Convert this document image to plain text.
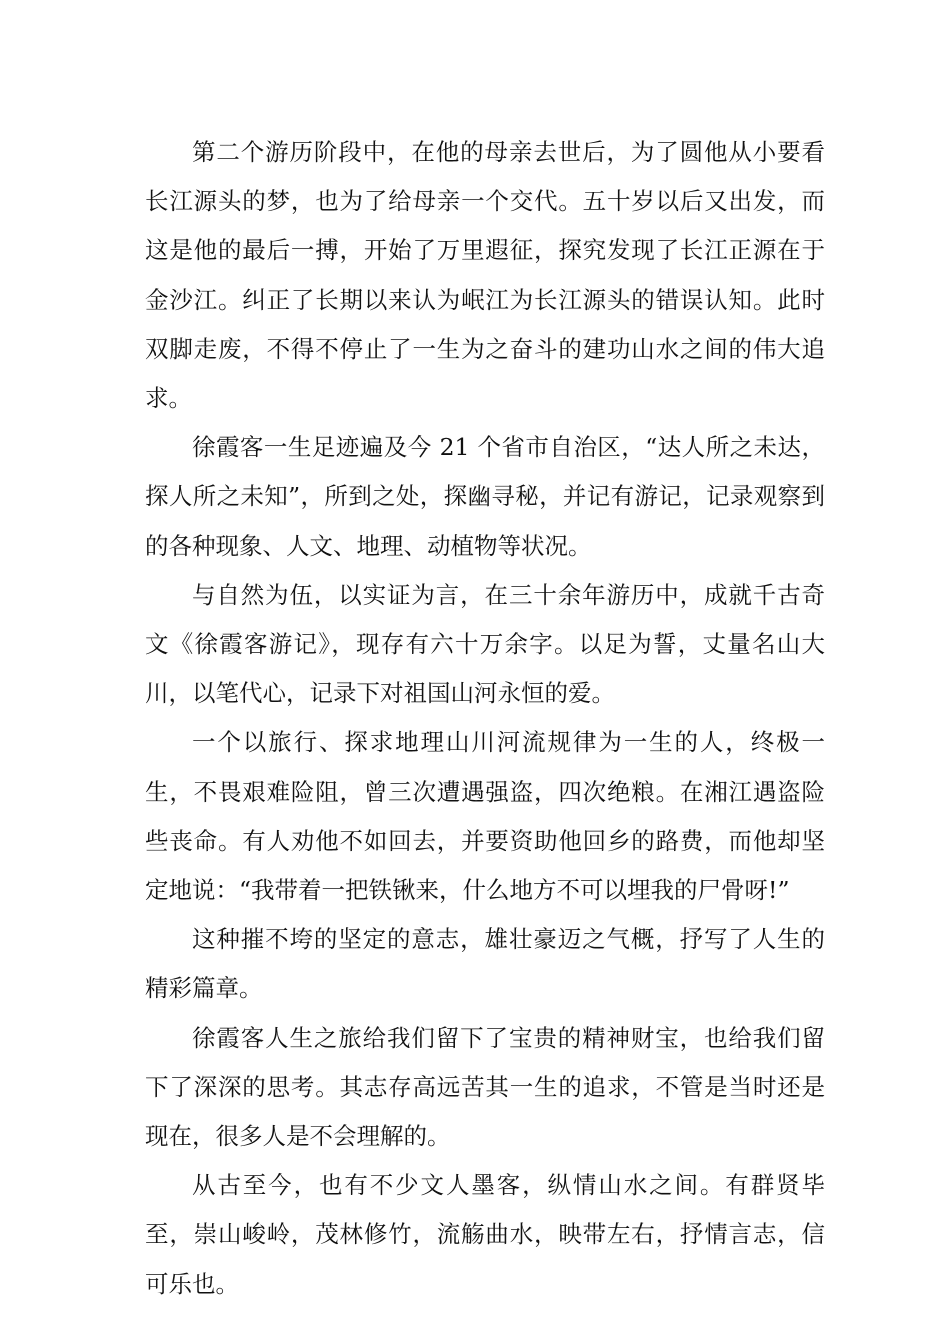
第二个游历阶段中，在他的母亲去世后，为了圆他从小要看长江源头的梦，也为了给母亲一个交代。五十岁以后又出发，而这是他的最后一搏，开始了万里遐征，探究发现了长江正源在于金沙江。纠正了长期以来认为岷江为长江源头的错误认知。此时双脚走废，不得不停止了一生为之奋斗的建功山水之间的伟大追求。

徐霞客一生足迹遍及今 21 个省市自治区，“达人所之未达，探人所之未知”，所到之处，探幽寻秘，并记有游记，记录观察到的各种现象、人文、地理、动植物等状况。

与自然为伍，以实证为言，在三十余年游历中，成就千古奇文《徐霞客游记》，现存有六十万余字。以足为誓，丈量名山大川，以笔代心，记录下对祖国山河永恒的爱。

一个以旅行、探求地理山川河流规律为一生的人，终极一生，不畏艰难险阻，曾三次遭遇强盗，四次绝粮。在湘江遇盗险些丧命。有人劝他不如回去，并要资助他回乡的路费，而他却坚定地说：“我带着一把铁锹来，什么地方不可以埋我的尸骨呀!”

这种摧不垮的坚定的意志，雄壮豪迈之气概，抒写了人生的精彩篇章。

徐霞客人生之旅给我们留下了宝贵的精神财宝，也给我们留下了深深的思考。其志存高远苦其一生的追求，不管是当时还是现在，很多人是不会理解的。

从古至今，也有不少文人墨客，纵情山水之间。有群贤毕至，崇山峻岭，茂林修竹，流觞曲水，映带左右，抒情言志，信可乐也。
